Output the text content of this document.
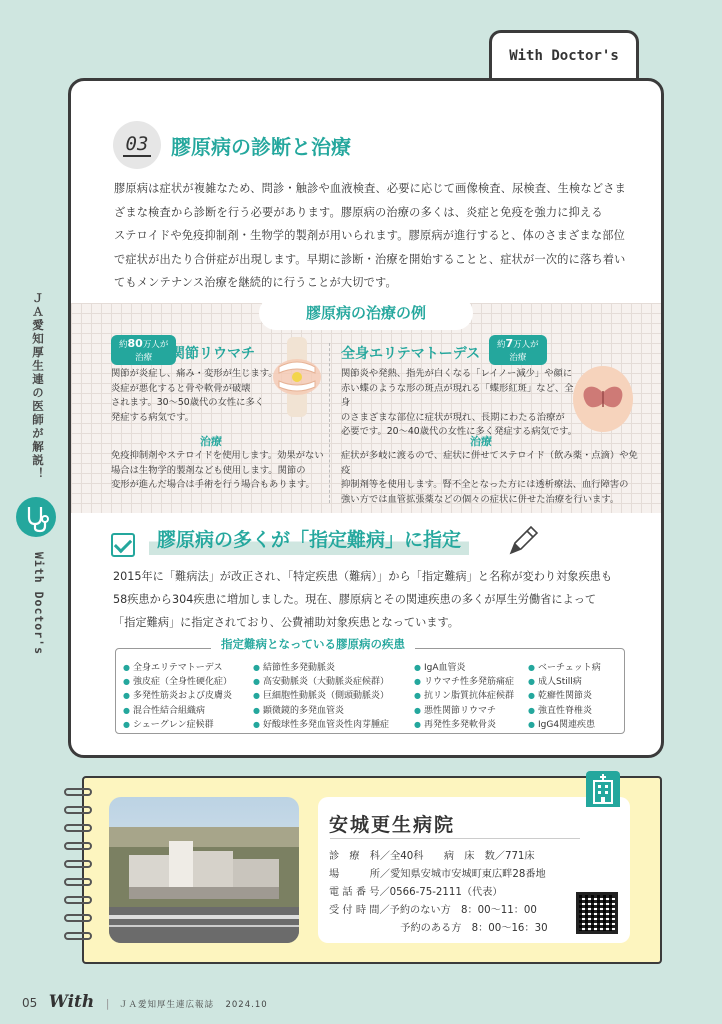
With Doctor's
03	膠原病の診断と治療
膠原病は症状が複雑なため、問診・触診や血液検査、必要に応じて画像検査、尿検査、生検などさま
ざまな検査から診断を行う必要があります。膠原病の治療の多くは、炎症と免疫を強力に抑える
ステロイドや免疫抑制剤・生物学的製剤が用いられます。膠原病が進行すると、体のさまざまな部位
で症状が出たり合併症が出現します。早期に診断・治療を開始することと、症状が一次的に落ち着い
てもメンテナンス治療を継続的に行うことが大切です。
膠原病の治療の例
約80万人が
治療	関節リウマチ
関節が炎症し、痛み・変形が生じます。
炎症が悪化すると骨や軟骨が破壊
されます。30～50歳代の女性に多く
発症する病気です。
治療
免疫抑制剤やステロイドを使用します。効果がない
場合は生物学的製剤なども使用します。関節の
変形が進んだ場合は手術を行う場合もあります。
全身エリテマトーデス
約7万人が
治療
関節炎や発熱、指先が白くなる「レイノー減少」や顔に
赤い蝶のような形の斑点が現れる「蝶形紅斑」など、全身
のさまざまな部位に症状が現れ、長期にわたる治療が
必要です。20～40歳代の女性に多く発症する病気です。
治療
症状が多岐に渡るので、症状に併せてステロイド（飲み薬・点滴）や免疫
抑制剤等を使用します。腎不全となった方には透析療法、血行障害の
強い方では血管拡張薬などの個々の症状に併せた治療を行います。
膠原病の多くが「指定難病」に指定
2015年に「難病法」が改正され、「特定疾患（難病）」から「指定難病」と名称が変わり対象疾患も
58疾患から304疾患に増加しました。現在、膠原病とその関連疾患の多くが厚生労働省によって
「指定難病」に指定されており、公費補助対象疾患となっています。
指定難病となっている膠原病の疾患
● 全身エリテマトーデス
● 強皮症（全身性硬化症）
● 多発性筋炎および皮膚炎
● 混合性結合組織病
● シェーグレン症候群
● 結節性多発動脈炎
● 高安動脈炎（大動脈炎症候群）
● 巨細胞性動脈炎（側頭動脈炎）
● 顕微鏡的多発血管炎
● 好酸球性多発血管炎性肉芽腫症
● IgA血管炎
● リウマチ性多発筋痛症
● 抗リン脂質抗体症候群
● 悪性関節リウマチ
● 再発性多発軟骨炎
● ベーチェット病
● 成人Still病
● 乾癬性関節炎
● 強直性脊椎炎
● IgG4関連疾患
ＪＡ愛知厚生連の医師が解説！
With Doctor's
安城更生病院
診　療　科／全40科　　病　床　数／771床
場　　　所／愛知県安城市安城町東広畔28番地
電 話 番 号／0566-75-2111（代表）
受 付 時 間／予約のない方　8：00～11：00
　　　　　　　予約のある方　8：00～16：30
05 With | ＪＡ愛知厚生連広報誌 2024.10
